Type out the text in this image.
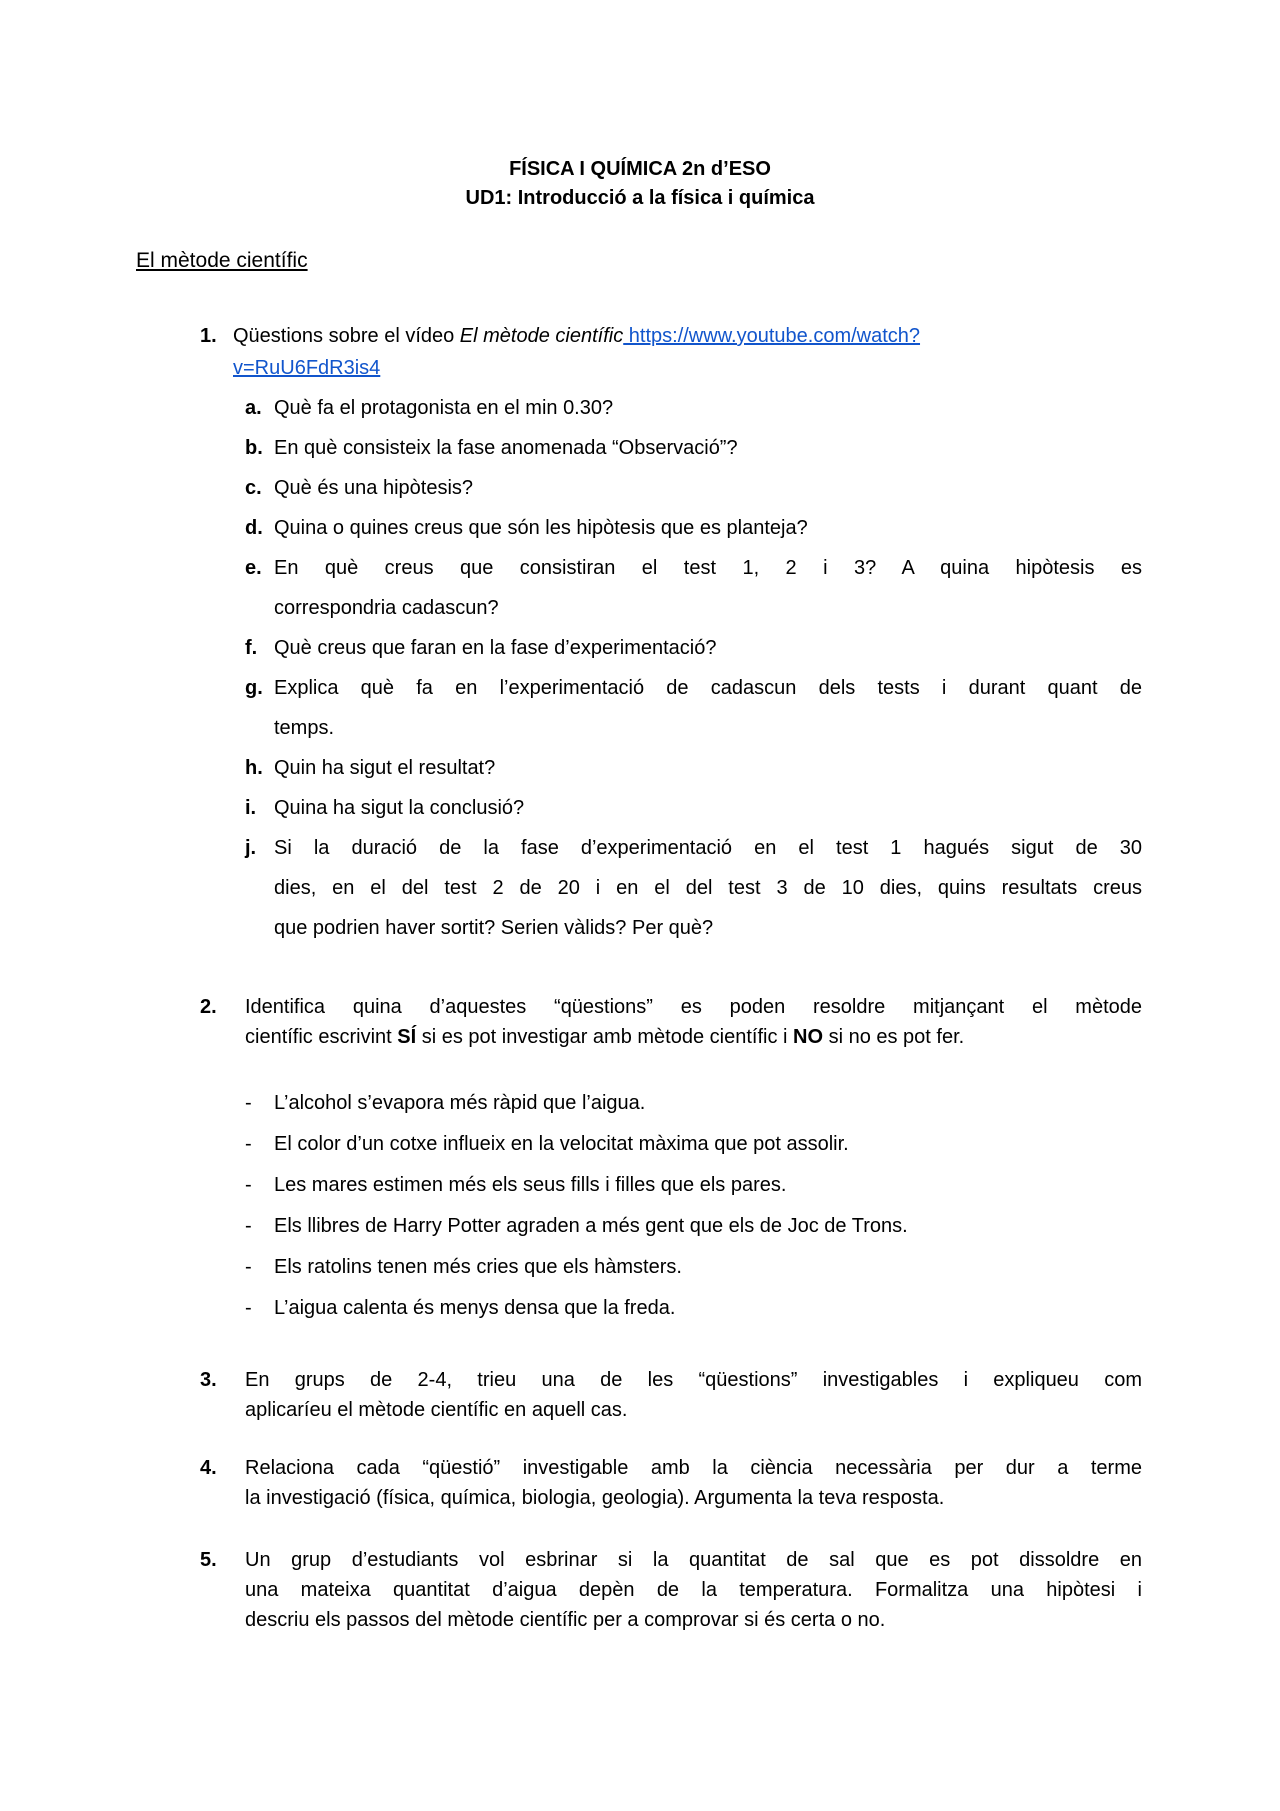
FÍSICA I QUÍMICA 2n d’ESO
UD1: Introducció a la física i química
El mètode científic
1. Qüestions sobre el vídeo El mètode científic https://www.youtube.com/watch?
v=RuU6FdR3is4
a. Què fa el protagonista en el min 0.30?
b. En què consisteix la fase anomenada “Observació”?
c. Què és una hipòtesis?
d. Quina o quines creus que són les hipòtesis que es planteja?
e. En què creus que consistiran el test 1, 2 i 3? A quina hipòtesis es
correspondria cadascun?
f. Què creus que faran en la fase d’experimentació?
g. Explica què fa en l’experimentació de cadascun dels tests i durant quant de
temps.
h. Quin ha sigut el resultat?
i. Quina ha sigut la conclusió?
j. Si la duració de la fase d’experimentació en el test 1 hagués sigut de 30
dies, en el del test 2 de 20 i en el del test 3 de 10 dies, quins resultats creus
que podrien haver sortit? Serien vàlids? Per què?
2.	Identifica quina d’aquestes “qüestions” es poden resoldre mitjançant el mètode
científic escrivint SÍ si es pot investigar amb mètode científic i NO si no es pot fer.
-	L’alcohol s’evapora més ràpid que l’aigua.
-	El color d’un cotxe influeix en la velocitat màxima que pot assolir.
-	Les mares estimen més els seus fills i filles que els pares.
-	Els llibres de Harry Potter agraden a més gent que els de Joc de Trons.
-	Els ratolins tenen més cries que els hàmsters.
-	L’aigua calenta és menys densa que la freda.
3.	En grups de 2-4, trieu una de les “qüestions” investigables i expliqueu com
aplicaríeu el mètode científic en aquell cas.
4.	Relaciona cada “qüestió” investigable amb la ciència necessària per dur a terme
la investigació (física, química, biologia, geologia). Argumenta la teva resposta.
5.	Un grup d’estudiants vol esbrinar si la quantitat de sal que es pot dissoldre en
una mateixa quantitat d’aigua depèn de la temperatura. Formalitza una hipòtesi i
descriu els passos del mètode científic per a comprovar si és certa o no.
